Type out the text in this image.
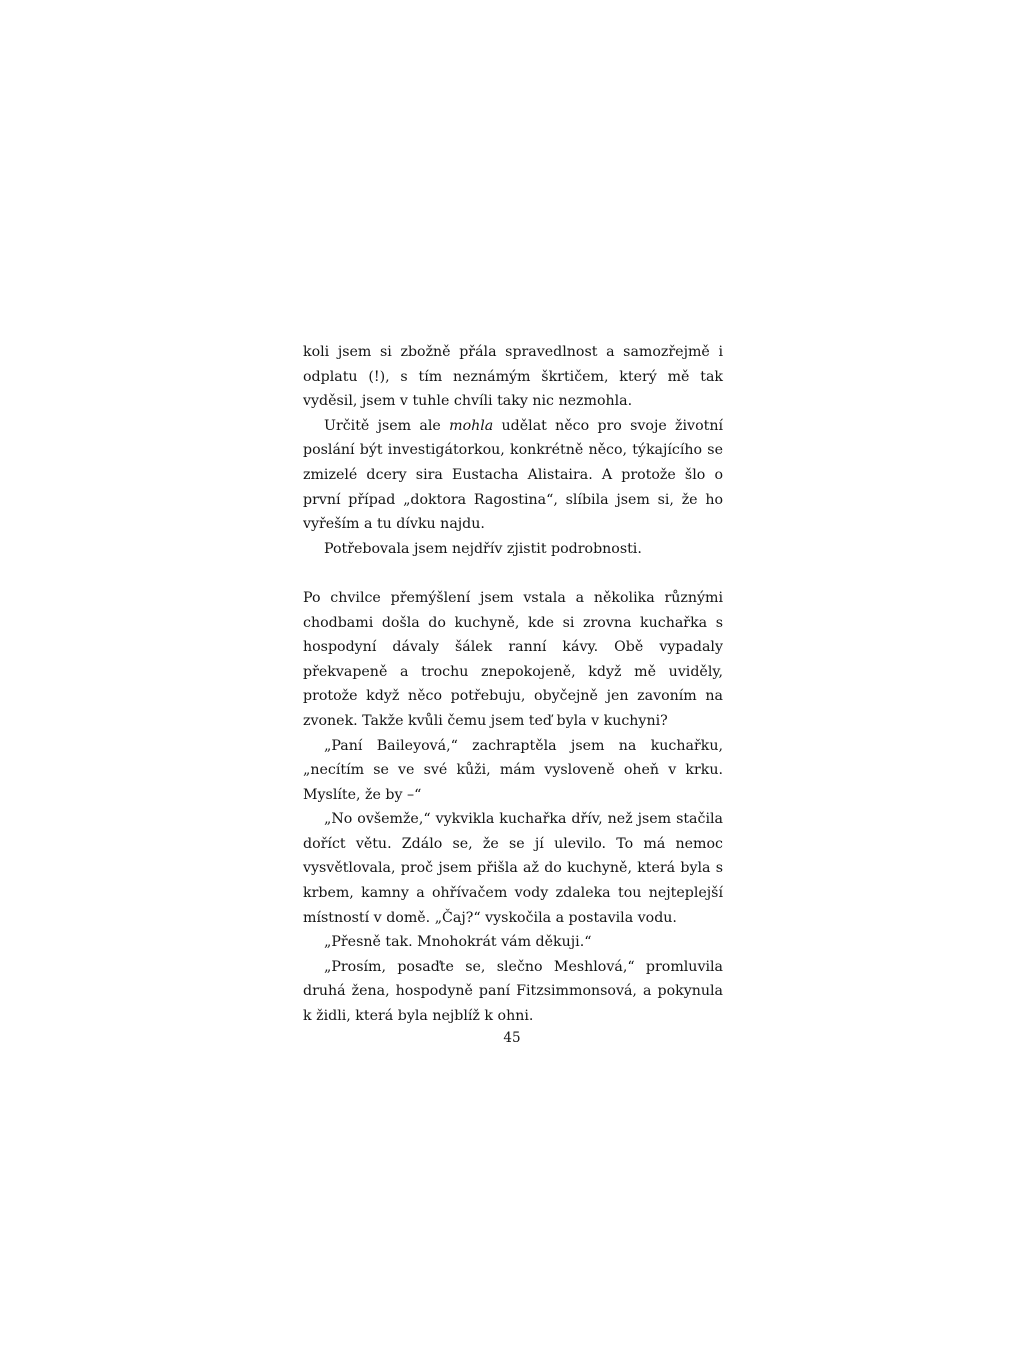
koli jsem si zbožně přála spravedlnost a samozřejmě i odplatu (!), s tím neznámým škrtičem, který mě tak vyděsil, jsem v tuhle chvíli taky nic nezmohla.

Určitě jsem ale mohla udělat něco pro svoje životní poslání být investigátorkou, konkrétně něco, týkajícího se zmizelé dcery sira Eustacha Alistaira. A protože šlo o první případ „doktora Ragostina“, slíbila jsem si, že ho vyřeším a tu dívku najdu.

Potřebovala jsem nejdřív zjistit podrobnosti.

Po chvilce přemýšlení jsem vstala a několika různými chodbami došla do kuchyně, kde si zrovna kuchařka s hospodyní dávaly šálek ranní kávy. Obě vypadaly překvapeně a trochu znepokojeně, když mě uviděly, protože když něco potřebuju, obyčejně jen zavoním na zvonek. Takže kvůli čemu jsem teď byla v kuchyni?

„Paní Baileyová,“ zachraptěla jsem na kuchařku, „necítím se ve své kůži, mám vysloveně oheň v krku. Myslíte, že by –“

„No ovšemže,“ vykvikla kuchařka dřív, než jsem stačila doříct větu. Zdálo se, že se jí ulevilo. To má nemoc vysvětlovala, proč jsem přišla až do kuchyně, která byla s krbem, kamny a ohřívačem vody zdaleka tou nejteplejší místností v domě. „Čaj?“ vyskočila a postavila vodu.

„Přesně tak. Mnohokrát vám děkuji.“

„Prosím, posaďte se, slečno Meshlová,“ promluvila druhá žena, hospodyně paní Fitzsimmonsová, a pokynula k židli, která byla nejblíž k ohni.

45
